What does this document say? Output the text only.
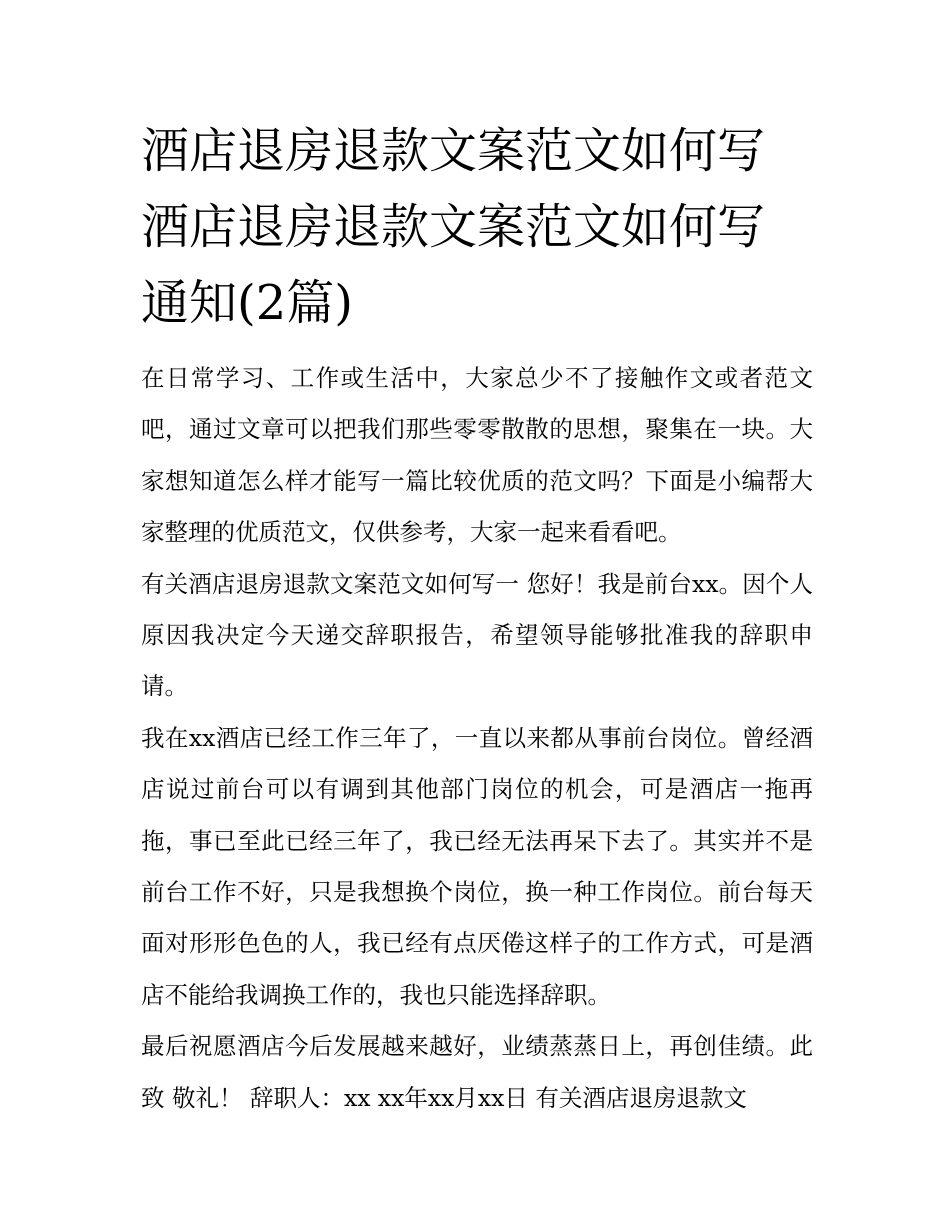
酒店退房退款文案范文如何写
酒店退房退款文案范文如何写
通知(2篇)

在日常学习、工作或生活中，大家总少不了接触作文或者范文吧，通过文章可以把我们那些零零散散的思想，聚集在一块。大家想知道怎么样才能写一篇比较优质的范文吗？下面是小编帮大家整理的优质范文，仅供参考，大家一起来看看吧。

有关酒店退房退款文案范文如何写一 您好！我是前台xx。因个人原因我决定今天递交辞职报告，希望领导能够批准我的辞职申请。

我在xx酒店已经工作三年了，一直以来都从事前台岗位。曾经酒店说过前台可以有调到其他部门岗位的机会，可是酒店一拖再拖，事已至此已经三年了，我已经无法再呆下去了。其实并不是前台工作不好，只是我想换个岗位，换一种工作岗位。前台每天面对形形色色的人，我已经有点厌倦这样子的工作方式，可是酒店不能给我调换工作的，我也只能选择辞职。

最后祝愿酒店今后发展越来越好，业绩蒸蒸日上，再创佳绩。此致 敬礼！ 辞职人：xx xx年xx月xx日 有关酒店退房退款文
